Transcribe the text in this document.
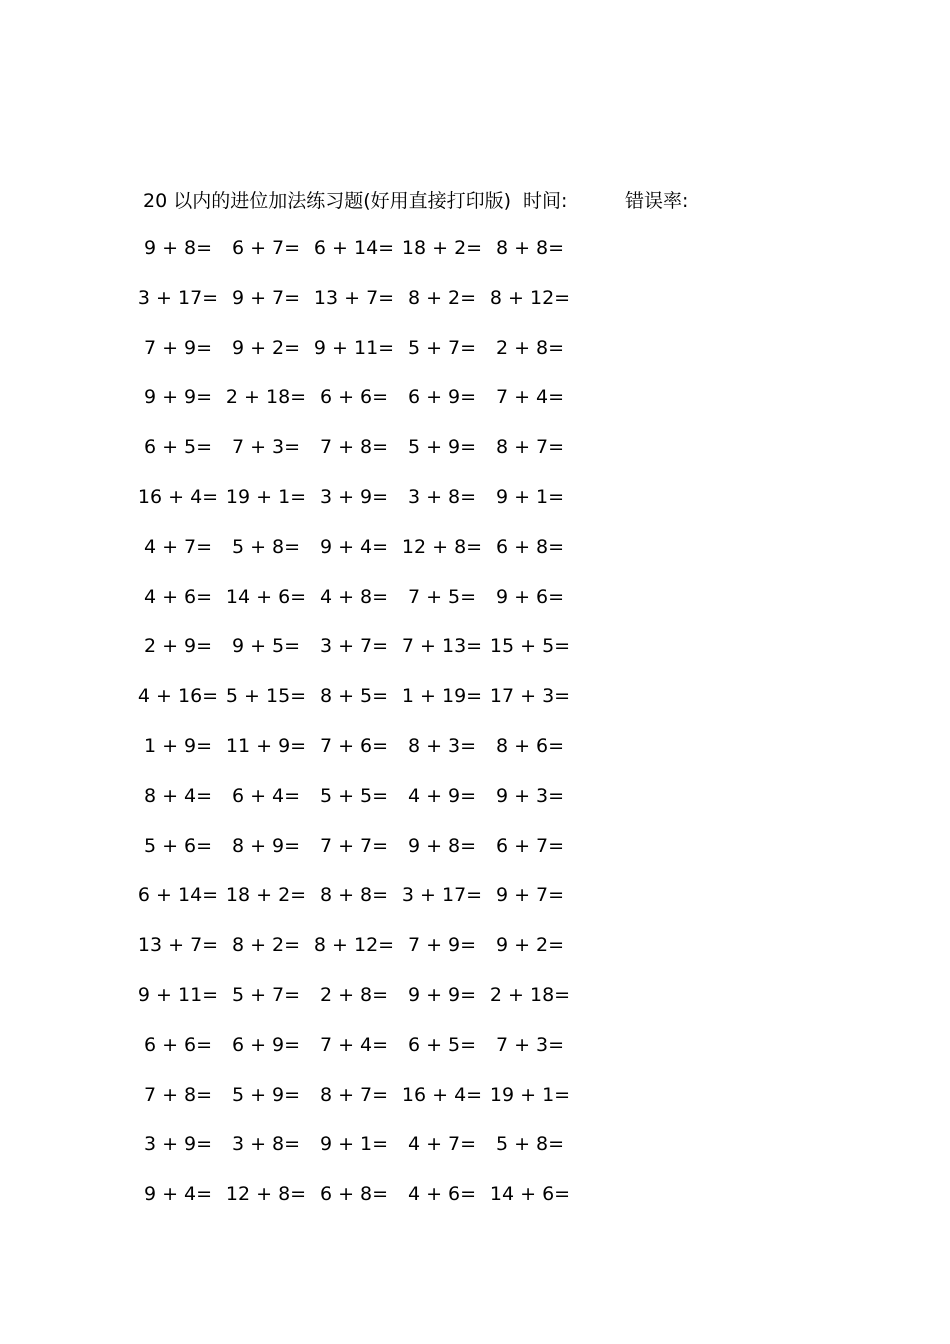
20 以内的进位加法练习题(好用直接打印版) 时间:	错误率:
9 + 8=	6 + 7= 6 + 14= 18 + 2= 8 + 8=
3 + 17= 9 + 7= 13 + 7= 8 + 2= 8 + 12=
7 + 9=	9 + 2= 9 + 11= 5 + 7=	2 + 8=
9 + 9= 2 + 18= 6 + 6=	6 + 9=	7 + 4=
6 + 5=	7 + 3=	7 + 8=	5 + 9=	8 + 7=
16 + 4= 19 + 1= 3 + 9=	3 + 8=	9 + 1=
4 + 7=	5 + 8=	9 + 4= 12 + 8= 6 + 8=
4 + 6= 14 + 6= 4 + 8=	7 + 5=	9 + 6=
2 + 9=	9 + 5=	3 + 7= 7 + 13= 15 + 5=
4 + 16= 5 + 15= 8 + 5= 1 + 19= 17 + 3=
1 + 9= 11 + 9= 7 + 6=	8 + 3=	8 + 6=
8 + 4=	6 + 4=	5 + 5=	4 + 9=	9 + 3=
5 + 6=	8 + 9=	7 + 7=	9 + 8=	6 + 7=
6 + 14= 18 + 2= 8 + 8= 3 + 17= 9 + 7=
13 + 7= 8 + 2= 8 + 12= 7 + 9=	9 + 2=
9 + 11= 5 + 7=	2 + 8=	9 + 9= 2 + 18=
6 + 6=	6 + 9=	7 + 4=	6 + 5=	7 + 3=
7 + 8=	5 + 9=	8 + 7= 16 + 4= 19 + 1=
3 + 9=	3 + 8=	9 + 1=	4 + 7=	5 + 8=
9 + 4= 12 + 8= 6 + 8=	4 + 6= 14 + 6=
